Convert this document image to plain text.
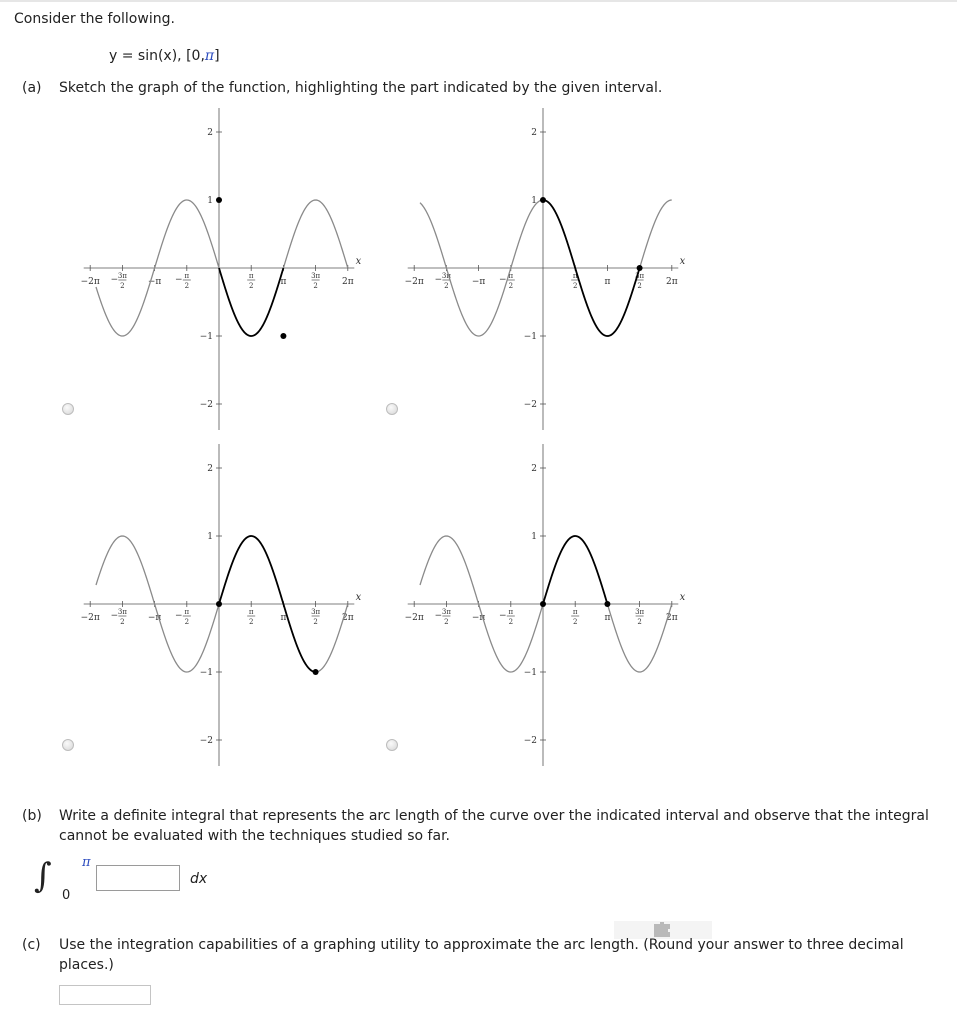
Consider the following.
y = sin(x), [0,π]
(a) Sketch the graph of the function, highlighting the part indicated by the given interval.
x
−2π − 3π
2	−π − π
2
π
2	π
3π
2	2π
2
1
−1
−2
x
−2π − 3π
2	−π − π
2
π
2	π
3π
2	2π
2
1
−1
−2
x
−2π − 3π
2	−π − π
2
π
2	π
3π
2	2π
2
1
−1
−2
x
−2π − 3π
2	−π − π
2
π
2	π
3π
2	2π
2
1
−1
−2
(b) Write a definite integral that represents the arc length of the curve over the indicated interval and observe that the integral cannot be evaluated with the techniques studied so far.
∫ π
0
dx
(c) Use the integration capabilities of a graphing utility to approximate the arc length. (Round your answer to three decimal places.)
